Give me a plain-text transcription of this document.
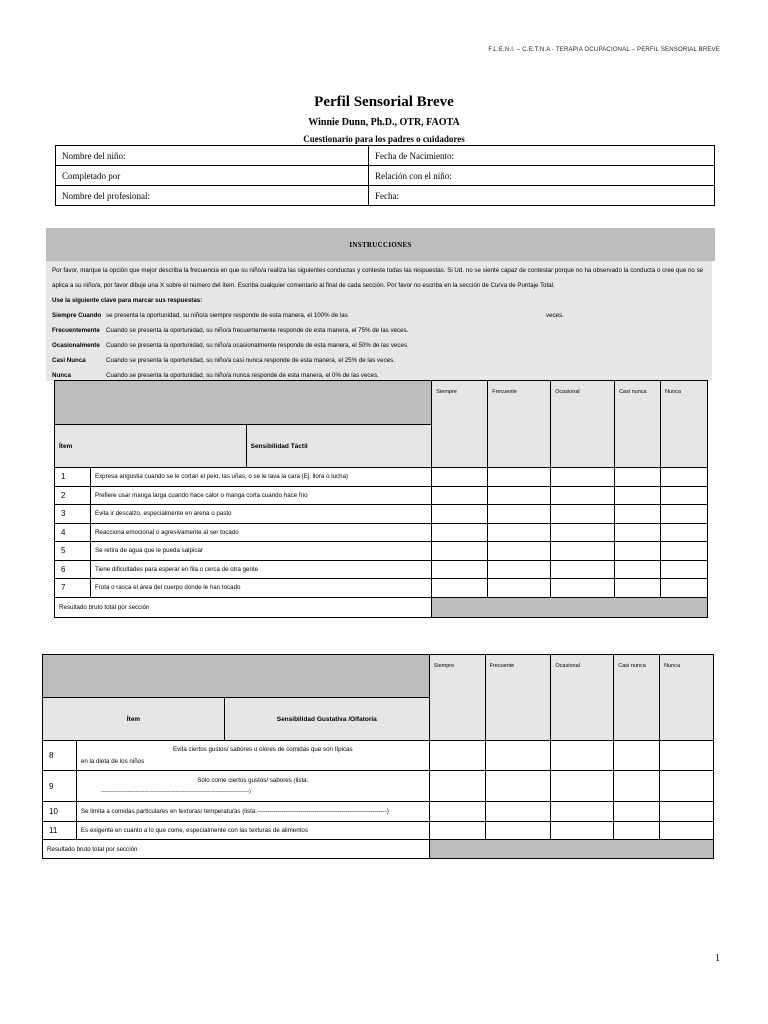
F.L.E.N.I. – C.E.T.N.A - TERAPIA OCUPACIONAL – PERFIL SENSORIAL BREVE
Perfil Sensorial Breve
Winnie Dunn, Ph.D., OTR, FAOTA
Cuestionario para los padres o cuidadores
Nombre del niño:	Fecha de Nacimiento:
Completado por	Relación con el niño:
Nombre del profesional:	Fecha:
INSTRUCCIONES

Por favor, marque la opción que mejor describa la frecuencia en que su niño/a realiza las siguientes conductas y conteste todas las respuestas. Si Ud. no se siente capaz de contestar porque no ha observado la conducta o cree que no se aplica a su niño/a, por favor dibuje una X sobre el número del ítem. Escriba cualquier comentario al final de cada sección. Por favor no escriba en la sección de Curva de Puntaje Total.

Use la siguiente clave para marcar sus respuestas:

Siempre Cuando se presenta la oportunidad, su niño/a siempre responde de esta manera, el 100% de las	veces.
Frecuentemente	Cuando se presenta la oportunidad, su niño/a frecuentemente responde de esta manera, el 75% de las veces.
Ocasionalmente Cuando se presenta la oportunidad, su niño/a ocasionalmente responde de esta manera, el 50% de las veces.
Casi Nunca	Cuando se presenta la oportunidad, su niño/a casi nunca responde de esta manera, el 25% de las veces.
Nunca	Cuando se presenta la oportunidad, su niño/a nunca responde de esta manera, el 0% de las veces.
			Siempre	Frecuente	Ocasional	Casi nunca	Nunca
Ítem		Sensibilidad Táctil					
1	Expresa angustia cuando se le cortan el pelo, las uñas, o se le lava la cara (Ej: llora o lucha)						
2	Prefiere usar manga larga cuando hace calor o manga corta cuando hace frio						
3	Evita ir descalzo, especialmente en arena o pasto						
4	Reacciona emocional o agresivamente al ser tocado						
5	Se retira de agua que le pueda salpicar						
6	Tiene dificultades para esperar en fila o cerca de otra gente						
7	Frota o rasca el área del cuerpo donde le han tocado						
Resultado bruto total por sección							
			Siempre	Frecuente	Ocasional	Casi nunca	Nunca
Ítem		Sensibilidad Gustativa /Olfatoria					
8	Evita ciertos gustos/ sabores u olores de comidas que son típicas
en la dieta de los niños						

9	Sólo come ciertos gustos/ sabores (lista:
-----------------------------------------------------------------------------------------)						

10	Se limita a comidas particulares en texturas/ temperaturas (lista:---------------------------------------------------------------)						
11	Es exigente en cuanto a lo que come, especialmente con las texturas de alimentos						
Resultado bruto total por sección							
1
